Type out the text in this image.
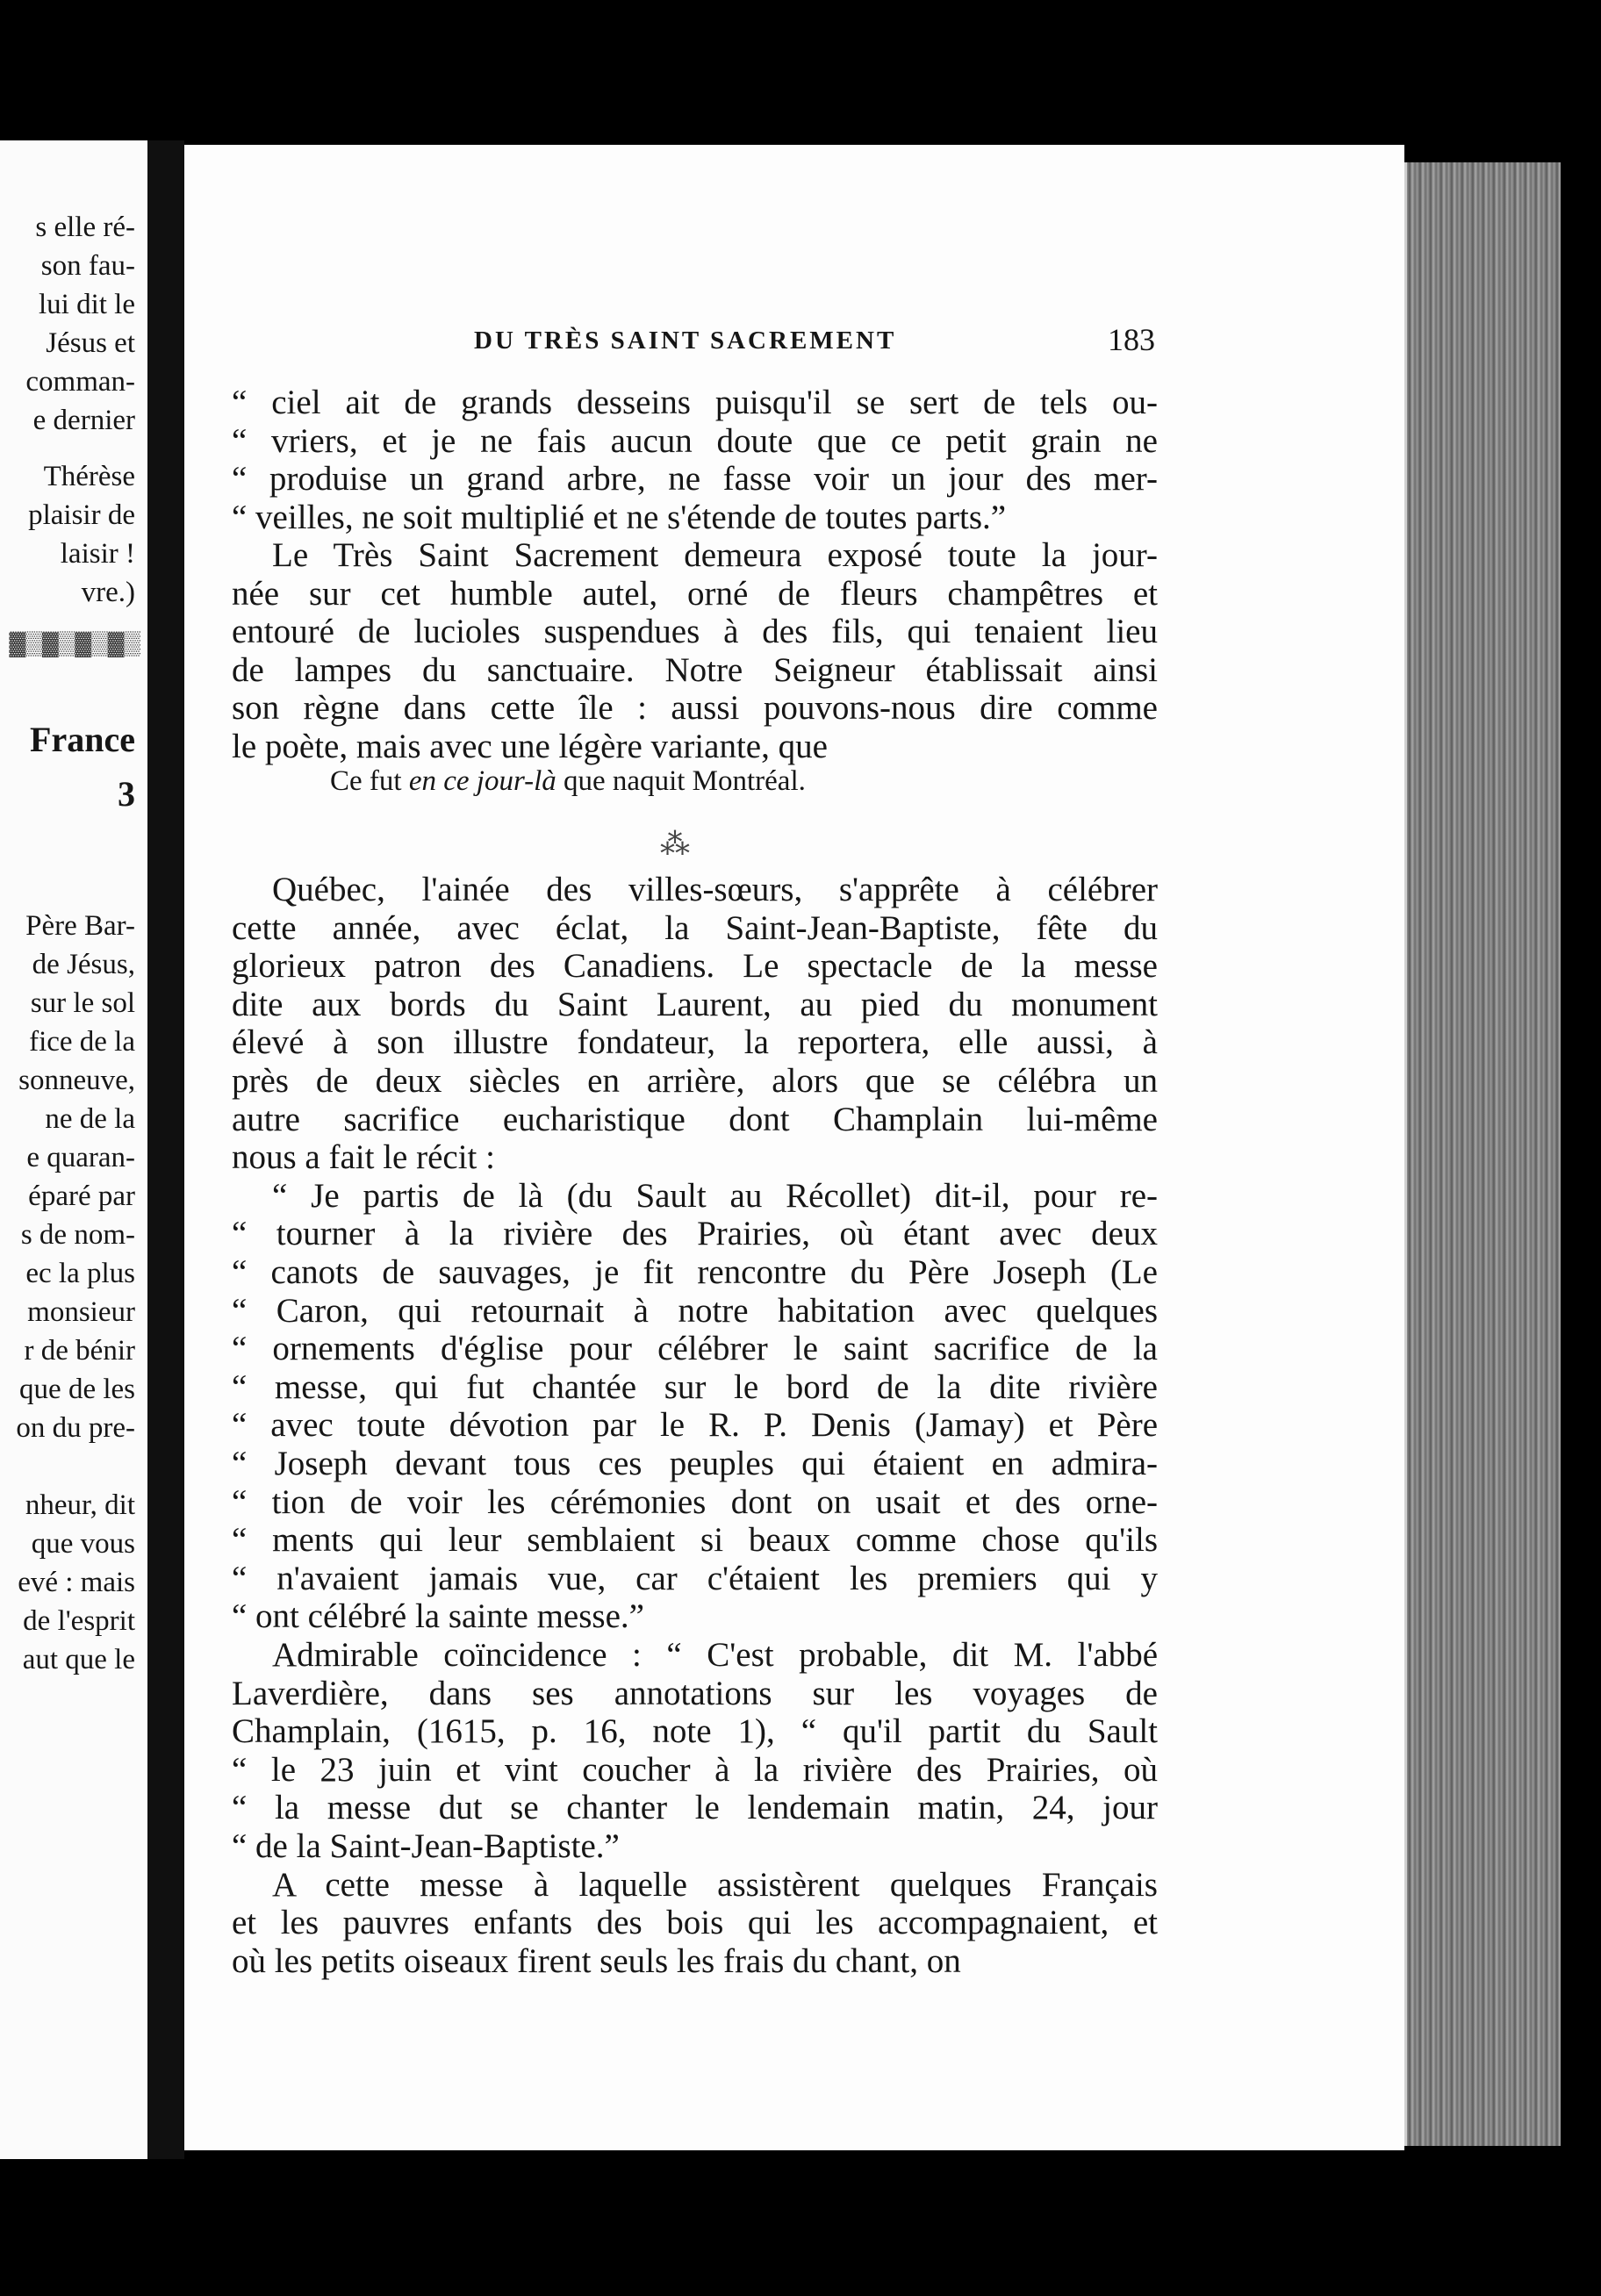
s elle ré-
son fau-
lui dit le
Jésus et
comman-
e dernier
Thérèse
plaisir de
laisir !
vre.)
France
3
Père Bar-
de Jésus,
sur le sol
fice de la
sonneuve,
ne de la
e quaran-
éparé par
s de nom-
ec la plus
monsieur
r de bénir
que de les
on du pre-
nheur, dit
que vous
evé : mais
de l'esprit
aut que le
▓▒▓▒▓▒▓▒
DU TRÈS SAINT SACREMENT	183
“ ciel ait de grands desseins puisqu'il se sert de tels ou-
“ vriers, et je ne fais aucun doute que ce petit grain ne
“ produise un grand arbre, ne fasse voir un jour des mer-
“ veilles, ne soit multiplié et ne s'étende de toutes parts.”
Le Très Saint Sacrement demeura exposé toute la jour-
née sur cet humble autel, orné de fleurs champêtres et
entouré de lucioles suspendues à des fils, qui tenaient lieu
de lampes du sanctuaire. Notre Seigneur établissait ainsi
son règne dans cette île : aussi pouvons-nous dire comme
le poète, mais avec une légère variante, que
Québec, l'ainée des villes-sœurs, s'apprête à célébrer
cette année, avec éclat, la Saint-Jean-Baptiste, fête du
glorieux patron des Canadiens. Le spectacle de la messe
dite aux bords du Saint Laurent, au pied du monument
élevé à son illustre fondateur, la reportera, elle aussi, à
près de deux siècles en arrière, alors que se célébra un
autre sacrifice eucharistique dont Champlain lui-même
nous a fait le récit :
“ Je partis de là (du Sault au Récollet) dit-il, pour re-
“ tourner à la rivière des Prairies, où étant avec deux
“ canots de sauvages, je fit rencontre du Père Joseph (Le
“ Caron, qui retournait à notre habitation avec quelques
“ ornements d'église pour célébrer le saint sacrifice de la
“ messe, qui fut chantée sur le bord de la dite rivière
“ avec toute dévotion par le R. P. Denis (Jamay) et Père
“ Joseph devant tous ces peuples qui étaient en admira-
“ tion de voir les cérémonies dont on usait et des orne-
“ ments qui leur semblaient si beaux comme chose qu'ils
“ n'avaient jamais vue, car c'étaient les premiers qui y
“ ont célébré la sainte messe.”
Admirable coïncidence : “ C'est probable, dit M. l'abbé
Laverdière, dans ses annotations sur les voyages de
Champlain, (1615, p. 16, note 1), “ qu'il partit du Sault
“ le 23 juin et vint coucher à la rivière des Prairies, où
“ la messe dut se chanter le lendemain matin, 24, jour
“ de la Saint-Jean-Baptiste.”
A cette messe à laquelle assistèrent quelques Français
et les pauvres enfants des bois qui les accompagnaient, et
où les petits oiseaux firent seuls les frais du chant, on
Ce fut en ce jour-là que naquit Montréal.
⁂
